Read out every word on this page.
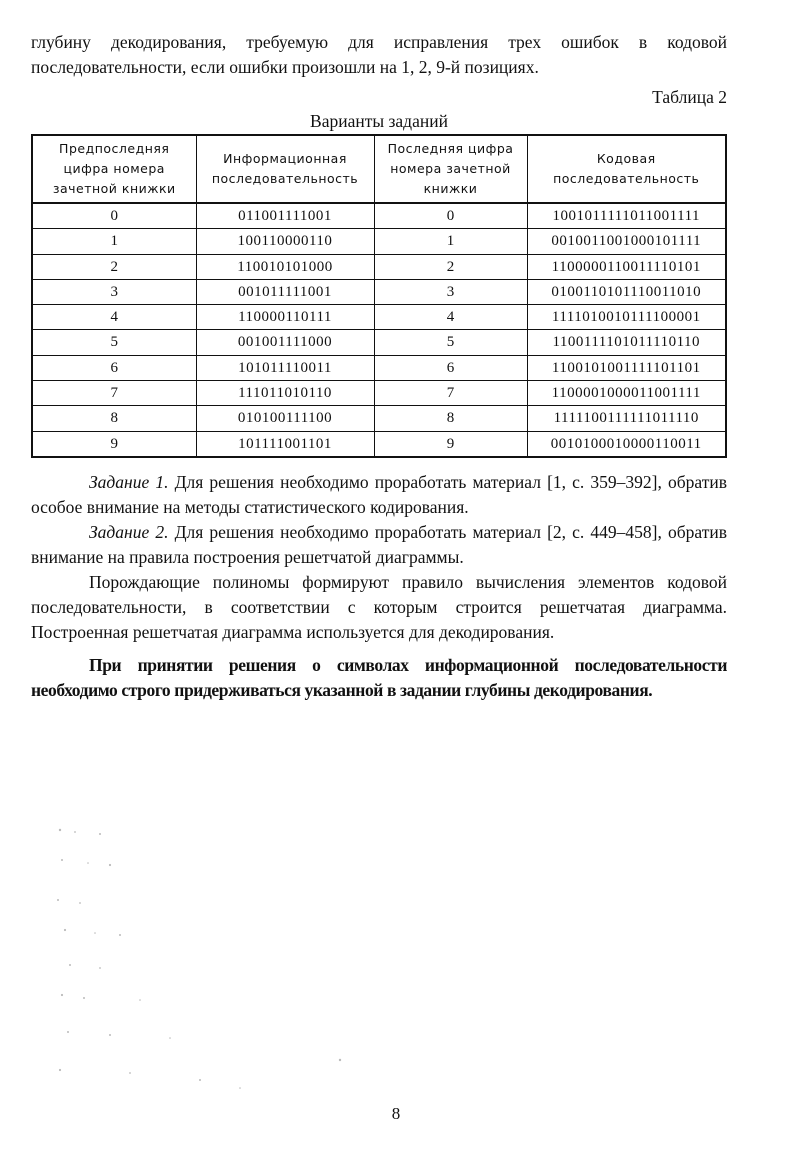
глубину декодирования, требуемую для исправления трех ошибок в кодовой

последовательности, если ошибки произошли на 1, 2, 9-й позициях.

Таблица 2

Варианты заданий

Предпоследняя цифра номера зачетной книжки	Информационная последовательность	Последняя цифра номера зачетной книжки	Кодовая последовательность
0	011001111001	0	1001011111011001111
1	100110000110	1	0010011001000101111
2	110010101000	2	1100000110011110101
3	001011111001	3	0100110101110011010
4	110000110111	4	1111010010111100001
5	001001111000	5	1100111101011110110
6	101011110011	6	1100101001111101101
7	111011010110	7	1100001000011001111
8	010100111100	8	1111100111111011110
9	101111001101	9	0010100010000110011

Задание 1. Для решения необходимо проработать материал [1, с. 359–392], обратив особое внимание на методы статистического кодирования.

Задание 2. Для решения необходимо проработать материал [2, с. 449–458], обратив внимание на правила построения решетчатой диаграммы.

Порождающие полиномы формируют правило вычисления элементов кодовой последовательности, в соответствии с которым строится решетчатая диаграмма. Построенная решетчатая диаграмма используется для декодирования.

При принятии решения о символах информационной последовательности необходимо строго придерживаться указанной в задании глубины декодирования.

8
